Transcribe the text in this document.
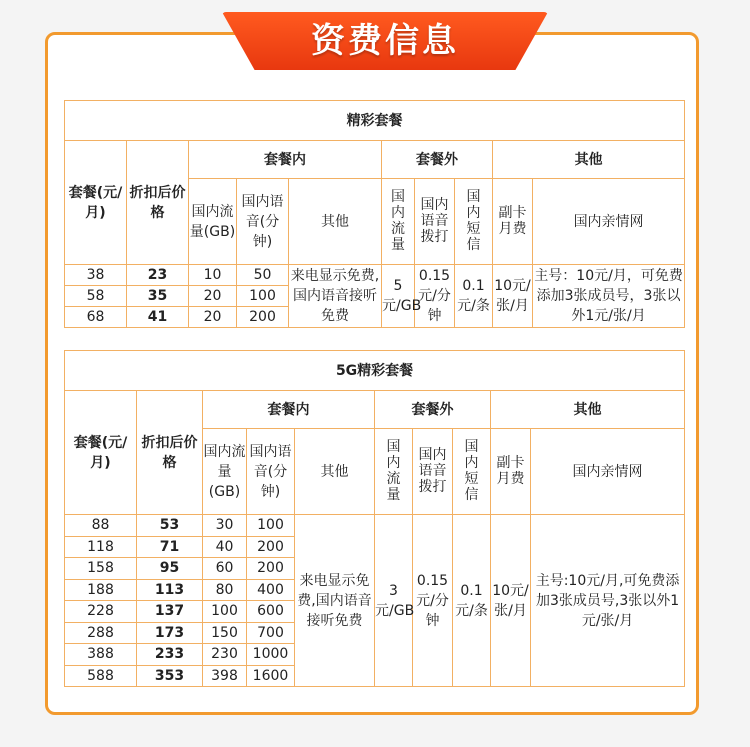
资费信息
精彩套餐									
套餐(元/月)	折扣后价格	套餐内			套餐外			其他	
		国内流量(GB)	国内语音(分钟)	其他	国内流量	国内语音拨打	国内短信	副卡月费	国内亲情网
38	23	10	50	来电显示免费,国内语音接听免费	5元/GB	0.15元/分钟	0.1元/条	10元/张/月	主号：10元/月，可免费添加3张成员号，3张以外1元/张/月
58	35	20	100						
68	41	20	200						
5G精彩套餐									
套餐(元/月)	折扣后价格	套餐内			套餐外			其他	
		国内流量(GB)	国内语音(分钟)	其他	国内流量	国内语音拨打	国内短信	副卡月费	国内亲情网
88	53	30	100	来电显示免费,国内语音接听免费	3元/GB	0.15元/分钟	0.1元/条	10元/张/月	主号:10元/月,可免费添加3张成员号,3张以外1元/张/月
118	71	40	200						
158	95	60	200						
188	113	80	400						
228	137	100	600						
288	173	150	700						
388	233	230	1000						
588	353	398	1600						
